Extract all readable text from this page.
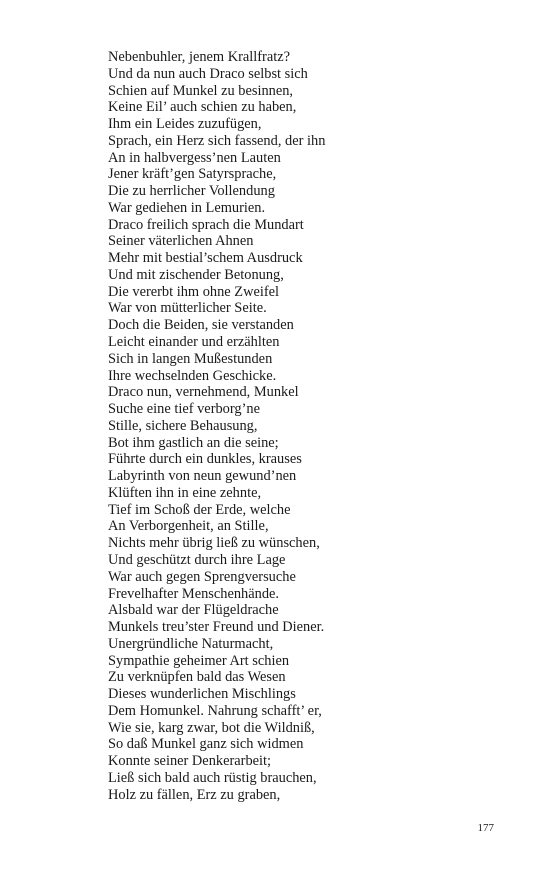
Nebenbuhler, jenem Krallfratz?
Und da nun auch Draco selbst sich
Schien auf Munkel zu besinnen,
Keine Eil’ auch schien zu haben,
Ihm ein Leides zuzufügen,
Sprach, ein Herz sich fassend, der ihn
An in halbvergess’nen Lauten
Jener kräft’gen Satyrsprache,
Die zu herrlicher Vollendung
War gediehen in Lemurien.
Draco freilich sprach die Mundart
Seiner väterlichen Ahnen
Mehr mit bestial’schem Ausdruck
Und mit zischender Betonung,
Die vererbt ihm ohne Zweifel
War von mütterlicher Seite.
Doch die Beiden, sie verstanden
Leicht einander und erzählten
Sich in langen Mußestunden
Ihre wechselnden Geschicke.
Draco nun, vernehmend, Munkel
Suche eine tief verborg’ne
Stille, sichere Behausung,
Bot ihm gastlich an die seine;
Führte durch ein dunkles, krauses
Labyrinth von neun gewund’nen
Klüften ihn in eine zehnte,
Tief im Schoß der Erde, welche
An Verborgenheit, an Stille,
Nichts mehr übrig ließ zu wünschen,
Und geschützt durch ihre Lage
War auch gegen Sprengversuche
Frevelhafter Menschenhände.
Alsbald war der Flügeldrache
Munkels treu’ster Freund und Diener.
Unergründliche Naturmacht,
Sympathie geheimer Art schien
Zu verknüpfen bald das Wesen
Dieses wunderlichen Mischlings
Dem Homunkel. Nahrung schafft’ er,
Wie sie, karg zwar, bot die Wildniß,
So daß Munkel ganz sich widmen
Konnte seiner Denkerarbeit;
Ließ sich bald auch rüstig brauchen,
Holz zu fällen, Erz zu graben,
177
